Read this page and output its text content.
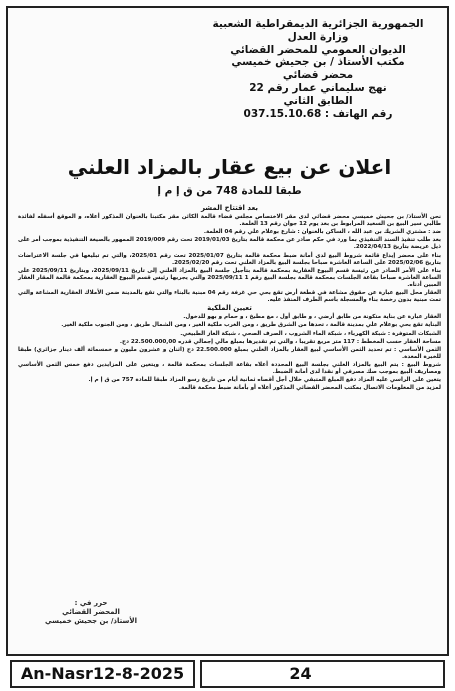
الجمهورية الجزائرية الديمقراطية الشعبية
وزارة العدل
الديوان العمومي للمحضر القضائي
مكتب الأستاذ / بن جحيش خميسي
محضر قضائي
نهج سليماني عمار رقم 22
الطابق الثاني
رقم الهاتف : 037.15.10.68
اعلان عن بيع عقار بالمزاد العلني
طبقا للمادة 748 من ق إ م إ
بعد اقتتاح المشر
نحن الأستاذ/ بن جحيش خميسي محضر قضائي لدى مقر الاختصاص مجلس قضاء قالمة الكائن مقر مكتبنا بالعنوان المذكور أعلاه، و الموقع أسفله لفائدة طالبي سير البيع بن السعيد المرابوط بن بعد يوم 12 جوان رقم 13 العلمة.
ضد : مشتري الشريك بن عبد الله ، الساكن بالعنوان : شارع بوعلام علي رقم 04 العلمة.
بعد طلب تنفيذ السند التنفيذي بما ورد في حكم صادر عن محكمة قالمة بتاريخ 2019/01/03 تحت رقم 2019/009 الممهور بالصيغة التنفيذية بموجب أمر على ذيل عريضة بتاريخ 2022/04/13.
بناء على محضر إيداع قائمة شروط البيع لدى أمانة ضبط محكمة قالمة بتاريخ 2025/01/07 تحت رقم 2025/01، والتي تم تبليغها في جلسة الاعتراضات بتاريخ 2025/02/06 على الساعة العاشرة صباحا بجلسة البيع بالمزاد العلني تحت رقم 2025/02/20.
بناء على الأمر الصادر عن رئيسة قسم البيوع العقارية بمحكمة قالمة بتأجيل جلسة البيع بالمزاد العلني إلى تاريخ 2025/09/11، وبتاريخ 2025/09/11 على الساعة العاشرة صباحا بقاعة الجلسات بمحكمة قالمة بجلسة البيع رقم 1 2025/09/11 والتي يجريها رئيس قسم البيوع العقارية بمحكمة قالمة المقار العقار المبين أدناه.
العقار محل البيع عبارة عن حقوق مشاعة في قطعة أرض تقع بحي حي غرفة رقم 04 مبنية بالبناء والتي تقع بالمدينة ضمن الأملاك العقارية المشاعة والتي تمت مبنية بدون رخصة بناء والمسجلة باسم الطرف المنفذ عليه.
تعيين الملكية
العقار عبارة عن بناية متكونة من طابق أرضي ، و طابق أول ، مع مطبخ ، و حمام و بهو للدخول.
البناية تقع بحي بوعلام علي بمدينة قالمة ، تحدها من الشرق طريق ، ومن الغرب ملكية الغير ، ومن الشمال طريق ، ومن الجنوب ملكية الغير.
الشبكات المتوفرة : شبكة الكهرباء ، شبكة الماء الشروب ، الصرف الصحي ، شبكة الغاز الطبيعي.
مساحة العقار حسب المخطط : 117 متر مربع تقريبا ، والتي تم تقديرها بمبلغ مالي إجمالي قدره 22.500.000,00 دج.
الثمن الأساسي : تم تحديد الثمن الأساسي لبيع العقار بالمزاد العلني بمبلغ 22.500.000 دج (اثنان و عشرون مليون و خمسمائة ألف دينار جزائري) طبقا للخبرة المعدة.
شروط البيع : يتم البيع بالمزاد العلني بجلسة البيع المحددة أعلاه بقاعة الجلسات بمحكمة قالمة ، ويتعين على المزايدين دفع خمس الثمن الأساسي ومصاريف البيع بموجب صك مصرفي أو نقدا لدى أمانة الضبط.
يتعين على الراسي عليه المزاد دفع المبلغ المتبقي خلال أجل أقصاه ثمانية أيام من تاريخ رسو المزاد طبقا للمادة 757 من ق إ م إ.
لمزيد من المعلومات الاتصال بمكتب المحضر القضائي المذكور أعلاه أو بأمانة ضبط محكمة قالمة.
حرر في :
المحضر القضائي
الأستاذ/ بن جحيش خميسي
An-Nasr12-8-2025	24
